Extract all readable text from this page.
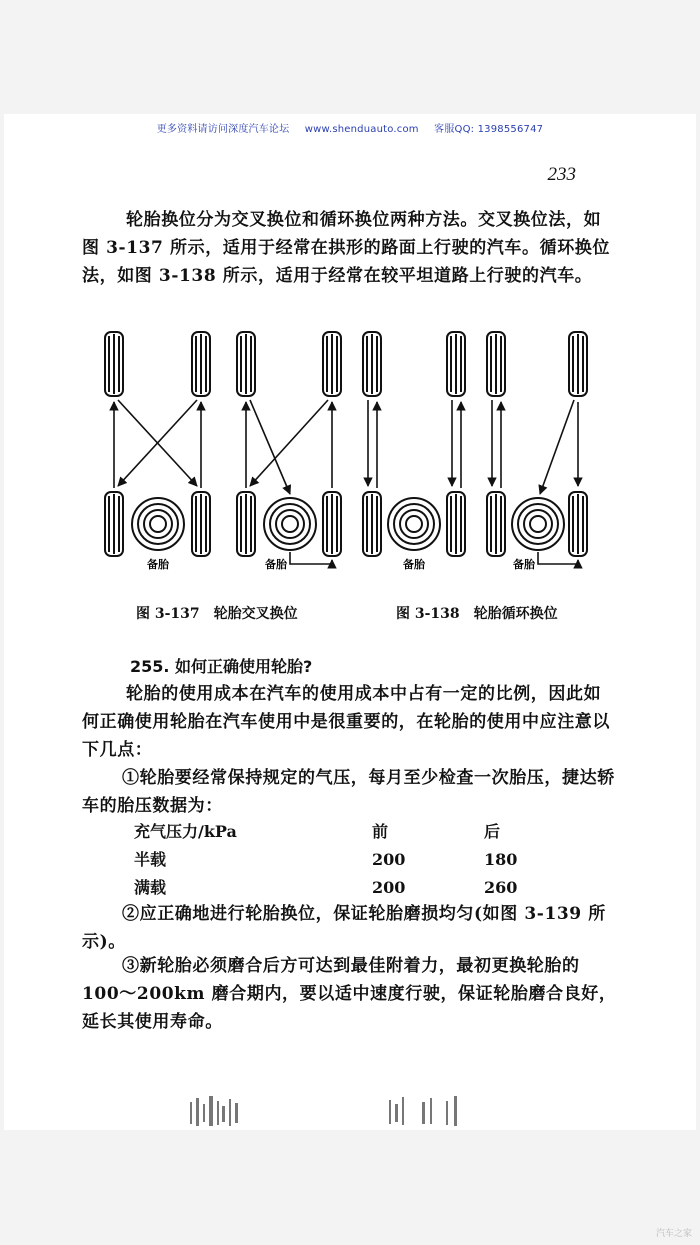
更多资料请访问深度汽车论坛 www.shenduauto.com 客服QQ: 1398556747
233
轮胎换位分为交叉换位和循环换位两种方法。交叉换位法，如图 3-137 所示，适用于经常在拱形的路面上行驶的汽车。循环换位法，如图 3-138 所示，适用于经常在较平坦道路上行驶的汽车。
备胎	备胎	备胎	备胎
图 3-137　轮胎交叉换位	图 3-138　轮胎循环换位
255. 如何正确使用轮胎?
轮胎的使用成本在汽车的使用成本中占有一定的比例，因此如何正确使用轮胎在汽车使用中是很重要的，在轮胎的使用中应注意以下几点：
①轮胎要经常保持规定的气压，每月至少检查一次胎压，捷达轿车的胎压数据为：
充气压力/kPa	前	后
半载	200	180
满载	200	260
②应正确地进行轮胎换位，保证轮胎磨损均匀(如图 3-139 所示)。
③新轮胎必须磨合后方可达到最佳附着力，最初更换轮胎的 100～200km 磨合期内，要以适中速度行驶，保证轮胎磨合良好，延长其使用寿命。
汽车之家
